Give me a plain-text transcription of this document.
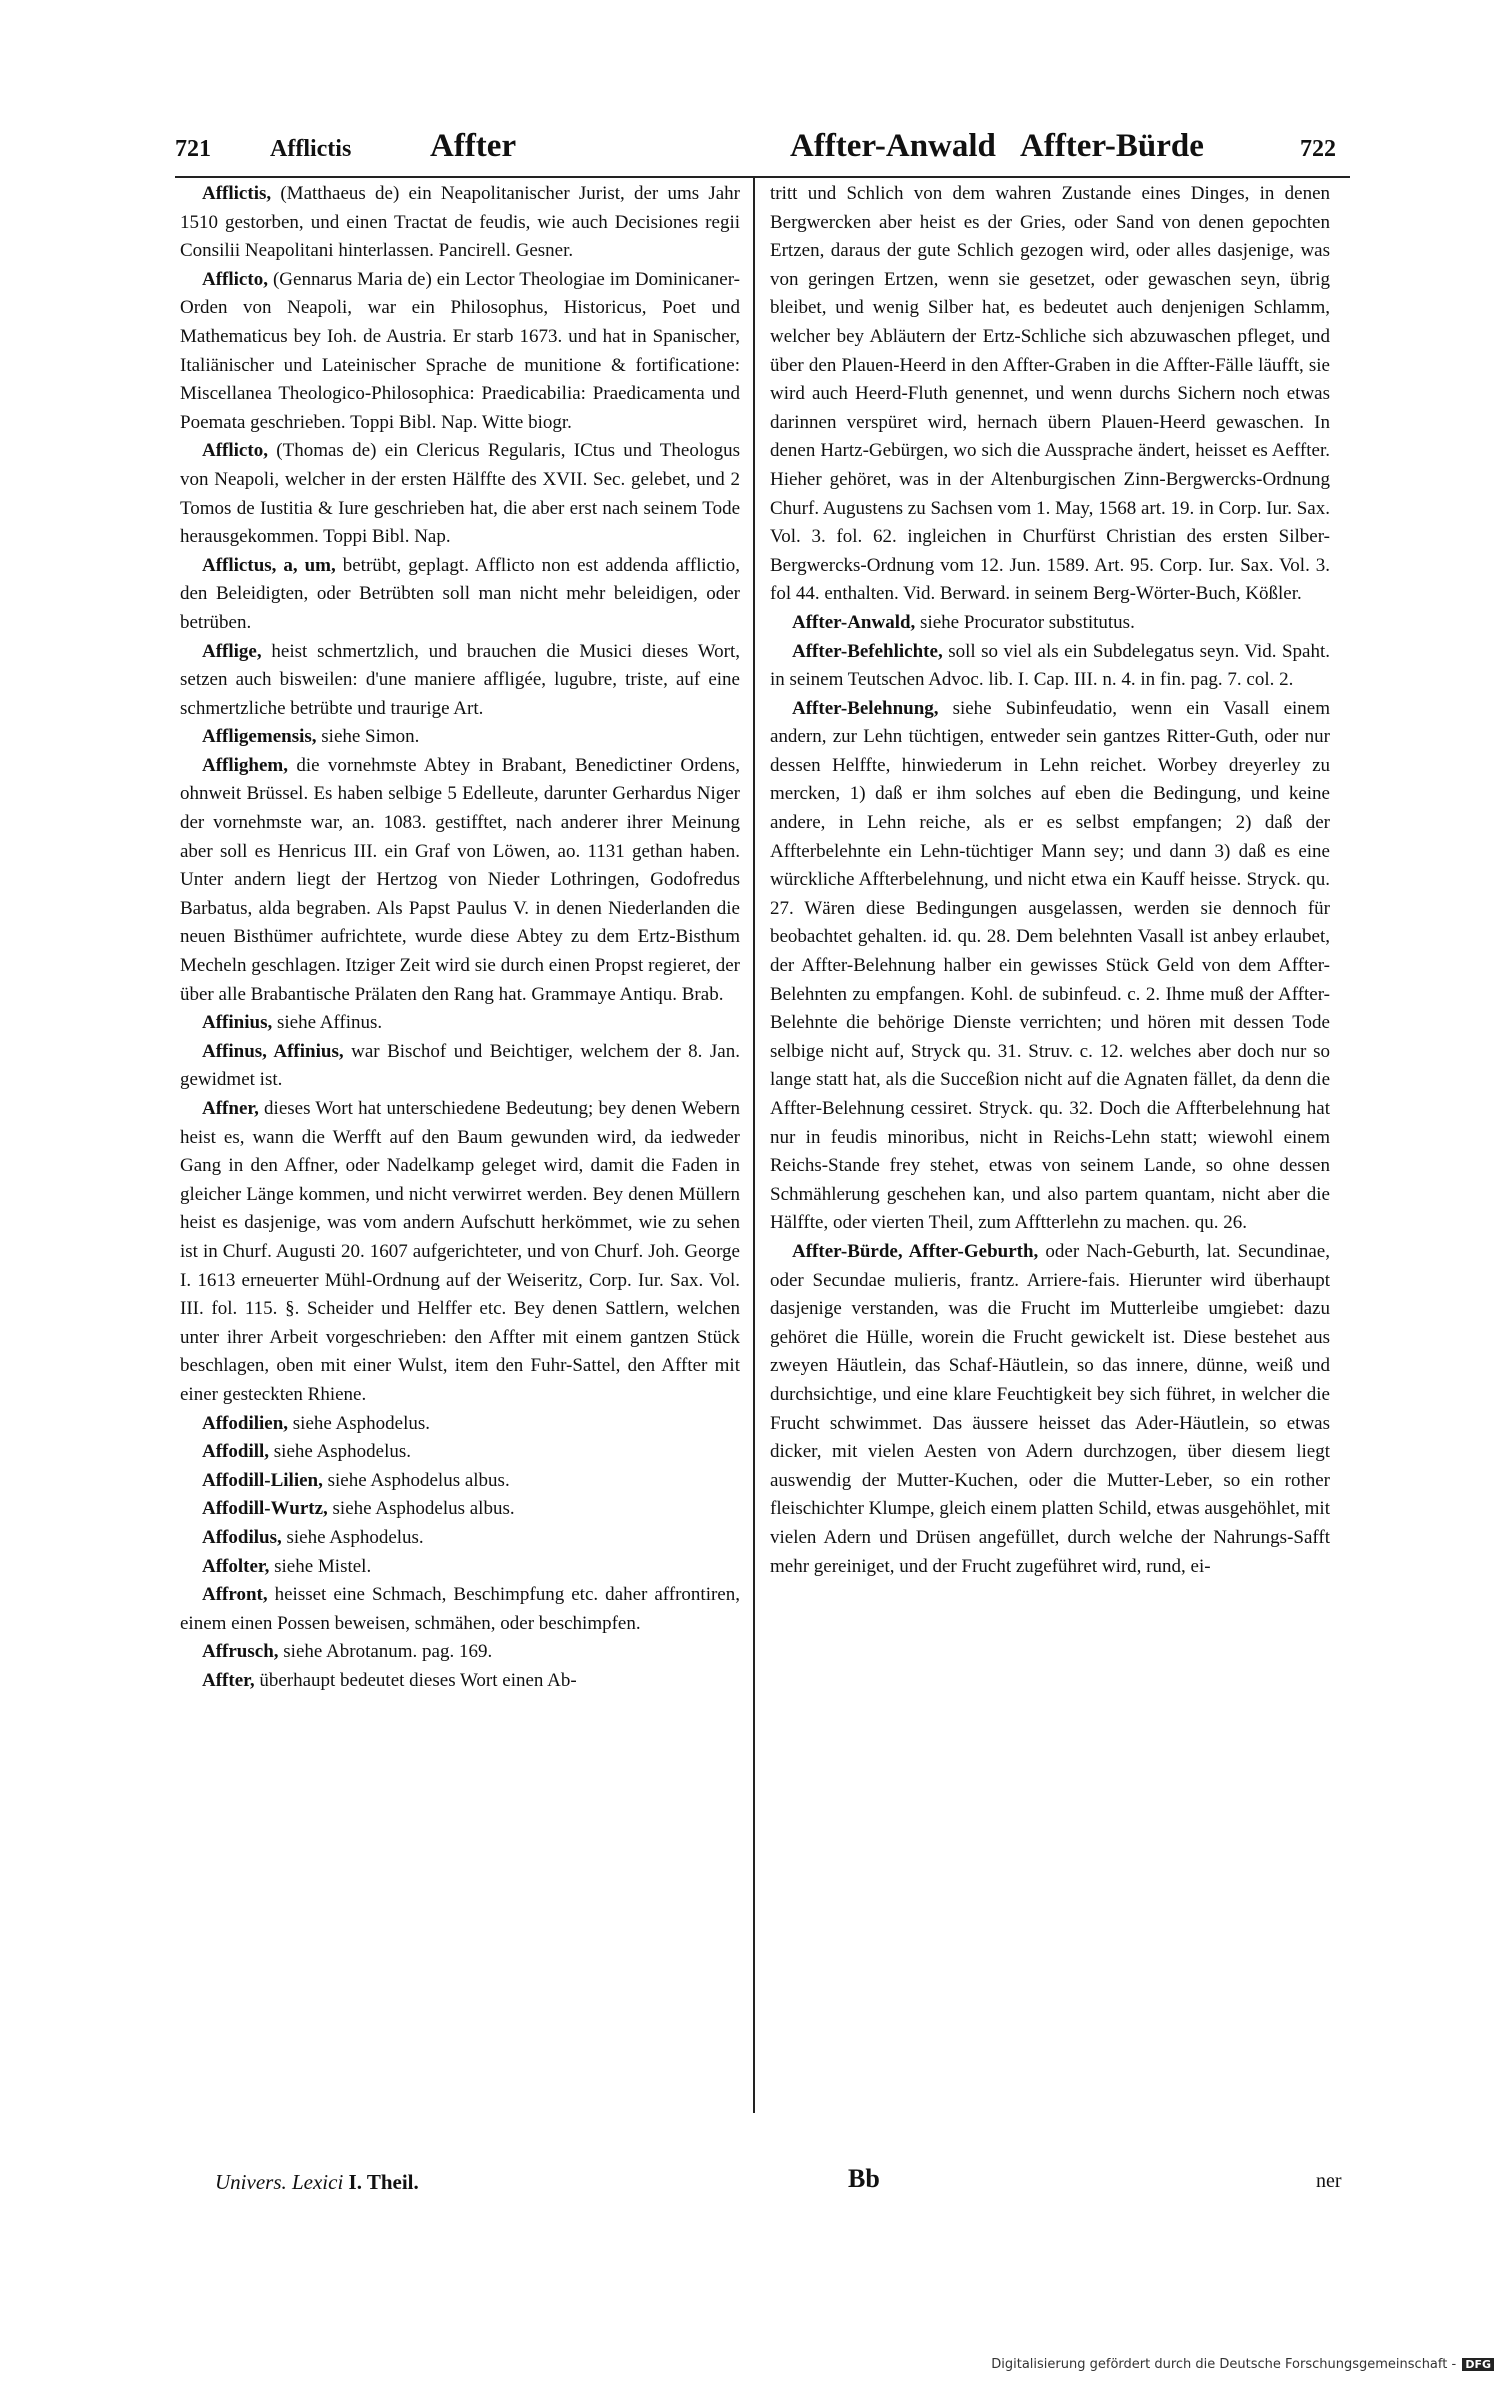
721 Afflictis Affter	Affter-Anwald Affter-Bürde	722

Afflictis, (Matthaeus de) ein Neapolitanischer Jurist, der ums Jahr 1510 gestorben, und einen Tractat de feudis, wie auch Decisiones regii Consilii Neapolitani hinterlassen. Pancirell. Gesner.

Afflicto, (Gennarus Maria de) ein Lector Theologiae im Dominicaner-Orden von Neapoli, war ein Philosophus, Historicus, Poet und Mathematicus bey Ioh. de Austria. Er starb 1673. und hat in Spanischer, Italiänischer und Lateinischer Sprache de munitione & fortificatione: Miscellanea Theologico-Philosophica: Praedicabilia: Praedicamenta und Poemata geschrieben. Toppi Bibl. Nap. Witte biogr.

Afflicto, (Thomas de) ein Clericus Regularis, ICtus und Theologus von Neapoli, welcher in der ersten Hälffte des XVII. Sec. gelebet, und 2 Tomos de Iustitia & Iure geschrieben hat, die aber erst nach seinem Tode herausgekommen. Toppi Bibl. Nap.

Afflictus, a, um, betrübt, geplagt. Afflicto non est addenda afflictio, den Beleidigten, oder Betrübten soll man nicht mehr beleidigen, oder betrüben.

Afflige, heist schmertzlich, und brauchen die Musici dieses Wort, setzen auch bisweilen: d'une maniere affligée, lugubre, triste, auf eine schmertzliche betrübte und traurige Art.

Affligemensis, siehe Simon.

Afflighem, die vornehmste Abtey in Brabant, Benedictiner Ordens, ohnweit Brüssel. Es haben selbige 5 Edelleute, darunter Gerhardus Niger der vornehmste war, an. 1083. gestifftet, nach anderer ihrer Meinung aber soll es Henricus III. ein Graf von Löwen, ao. 1131 gethan haben. Unter andern liegt der Hertzog von Nieder Lothringen, Godofredus Barbatus, alda begraben. Als Papst Paulus V. in denen Niederlanden die neuen Bisthümer aufrichtete, wurde diese Abtey zu dem Ertz-Bisthum Mecheln geschlagen. Itziger Zeit wird sie durch einen Propst regieret, der über alle Brabantische Prälaten den Rang hat. Grammaye Antiqu. Brab.

Affinius, siehe Affinus.

Affinus, Affinius, war Bischof und Beichtiger, welchem der 8. Jan. gewidmet ist.

Affner, dieses Wort hat unterschiedene Bedeutung; bey denen Webern heist es, wann die Werfft auf den Baum gewunden wird, da iedweder Gang in den Affner, oder Nadelkamp geleget wird, damit die Faden in gleicher Länge kommen, und nicht verwirret werden. Bey denen Müllern heist es dasjenige, was vom andern Aufschutt herkömmet, wie zu sehen ist in Churf. Augusti 20. 1607 aufgerichteter, und von Churf. Joh. George I. 1613 erneuerter Mühl-Ordnung auf der Weiseritz, Corp. Iur. Sax. Vol. III. fol. 115. §. Scheider und Helffer etc. Bey denen Sattlern, welchen unter ihrer Arbeit vorgeschrieben: den Affter mit einem gantzen Stück beschlagen, oben mit einer Wulst, item den Fuhr-Sattel, den Affter mit einer gesteckten Rhiene.

Affodilien, siehe Asphodelus.

Affodill, siehe Asphodelus.

Affodill-Lilien, siehe Asphodelus albus.

Affodill-Wurtz, siehe Asphodelus albus.

Affodilus, siehe Asphodelus.

Affolter, siehe Mistel.

Affront, heisset eine Schmach, Beschimpfung etc. daher affrontiren, einem einen Possen beweisen, schmähen, oder beschimpfen.

Affrusch, siehe Abrotanum. pag. 169.

Affter, überhaupt bedeutet dieses Wort einen Ab-

tritt und Schlich von dem wahren Zustande eines Dinges, in denen Bergwercken aber heist es der Gries, oder Sand von denen gepochten Ertzen, daraus der gute Schlich gezogen wird, oder alles dasjenige, was von geringen Ertzen, wenn sie gesetzet, oder gewaschen seyn, übrig bleibet, und wenig Silber hat, es bedeutet auch denjenigen Schlamm, welcher bey Abläutern der Ertz-Schliche sich abzuwaschen pfleget, und über den Plauen-Heerd in den Affter-Graben in die Affter-Fälle läufft, sie wird auch Heerd-Fluth genennet, und wenn durchs Sichern noch etwas darinnen verspüret wird, hernach übern Plauen-Heerd gewaschen. In denen Hartz-Gebürgen, wo sich die Aussprache ändert, heisset es Aeffter. Hieher gehöret, was in der Altenburgischen Zinn-Bergwercks-Ordnung Churf. Augustens zu Sachsen vom 1. May, 1568 art. 19. in Corp. Iur. Sax. Vol. 3. fol. 62. ingleichen in Churfürst Christian des ersten Silber-Bergwercks-Ordnung vom 12. Jun. 1589. Art. 95. Corp. Iur. Sax. Vol. 3. fol 44. enthalten. Vid. Berward. in seinem Berg-Wörter-Buch, Kößler.

Affter-Anwald, siehe Procurator substitutus.

Affter-Befehlichte, soll so viel als ein Subdelegatus seyn. Vid. Spaht. in seinem Teutschen Advoc. lib. I. Cap. III. n. 4. in fin. pag. 7. col. 2.

Affter-Belehnung, siehe Subinfeudatio, wenn ein Vasall einem andern, zur Lehn tüchtigen, entweder sein gantzes Ritter-Guth, oder nur dessen Helffte, hinwiederum in Lehn reichet. Worbey dreyerley zu mercken, 1) daß er ihm solches auf eben die Bedingung, und keine andere, in Lehn reiche, als er es selbst empfangen; 2) daß der Affterbelehnte ein Lehn-tüchtiger Mann sey; und dann 3) daß es eine würckliche Affterbelehnung, und nicht etwa ein Kauff heisse. Stryck. qu. 27. Wären diese Bedingungen ausgelassen, werden sie dennoch für beobachtet gehalten. id. qu. 28. Dem belehnten Vasall ist anbey erlaubet, der Affter-Belehnung halber ein gewisses Stück Geld von dem Affter-Belehnten zu empfangen. Kohl. de subinfeud. c. 2. Ihme muß der Affter-Belehnte die behörige Dienste verrichten; und hören mit dessen Tode selbige nicht auf, Stryck qu. 31. Struv. c. 12. welches aber doch nur so lange statt hat, als die Succeßion nicht auf die Agnaten fället, da denn die Affter-Belehnung cessiret. Stryck. qu. 32. Doch die Affterbelehnung hat nur in feudis minoribus, nicht in Reichs-Lehn statt; wiewohl einem Reichs-Stande frey stehet, etwas von seinem Lande, so ohne dessen Schmählerung geschehen kan, und also partem quantam, nicht aber die Hälffte, oder vierten Theil, zum Afftterlehn zu machen. qu. 26.

Affter-Bürde, Affter-Geburth, oder Nach-Geburth, lat. Secundinae, oder Secundae mulieris, frantz. Arriere-fais. Hierunter wird überhaupt dasjenige verstanden, was die Frucht im Mutterleibe umgiebet: dazu gehöret die Hülle, worein die Frucht gewickelt ist. Diese bestehet aus zweyen Häutlein, das Schaf-Häutlein, so das innere, dünne, weiß und durchsichtige, und eine klare Feuchtigkeit bey sich führet, in welcher die Frucht schwimmet. Das äussere heisset das Ader-Häutlein, so etwas dicker, mit vielen Aesten von Adern durchzogen, über diesem liegt auswendig der Mutter-Kuchen, oder die Mutter-Leber, so ein rother fleischichter Klumpe, gleich einem platten Schild, etwas ausgehöhlet, mit vielen Adern und Drüsen angefüllet, durch welche der Nahrungs-Safft mehr gereiniget, und der Frucht zugeführet wird, rund, ei-

Univers. Lexici I. Theil.	Bb	ner
Digitalisierung gefördert durch die Deutsche Forschungsgemeinschaft - DFG
